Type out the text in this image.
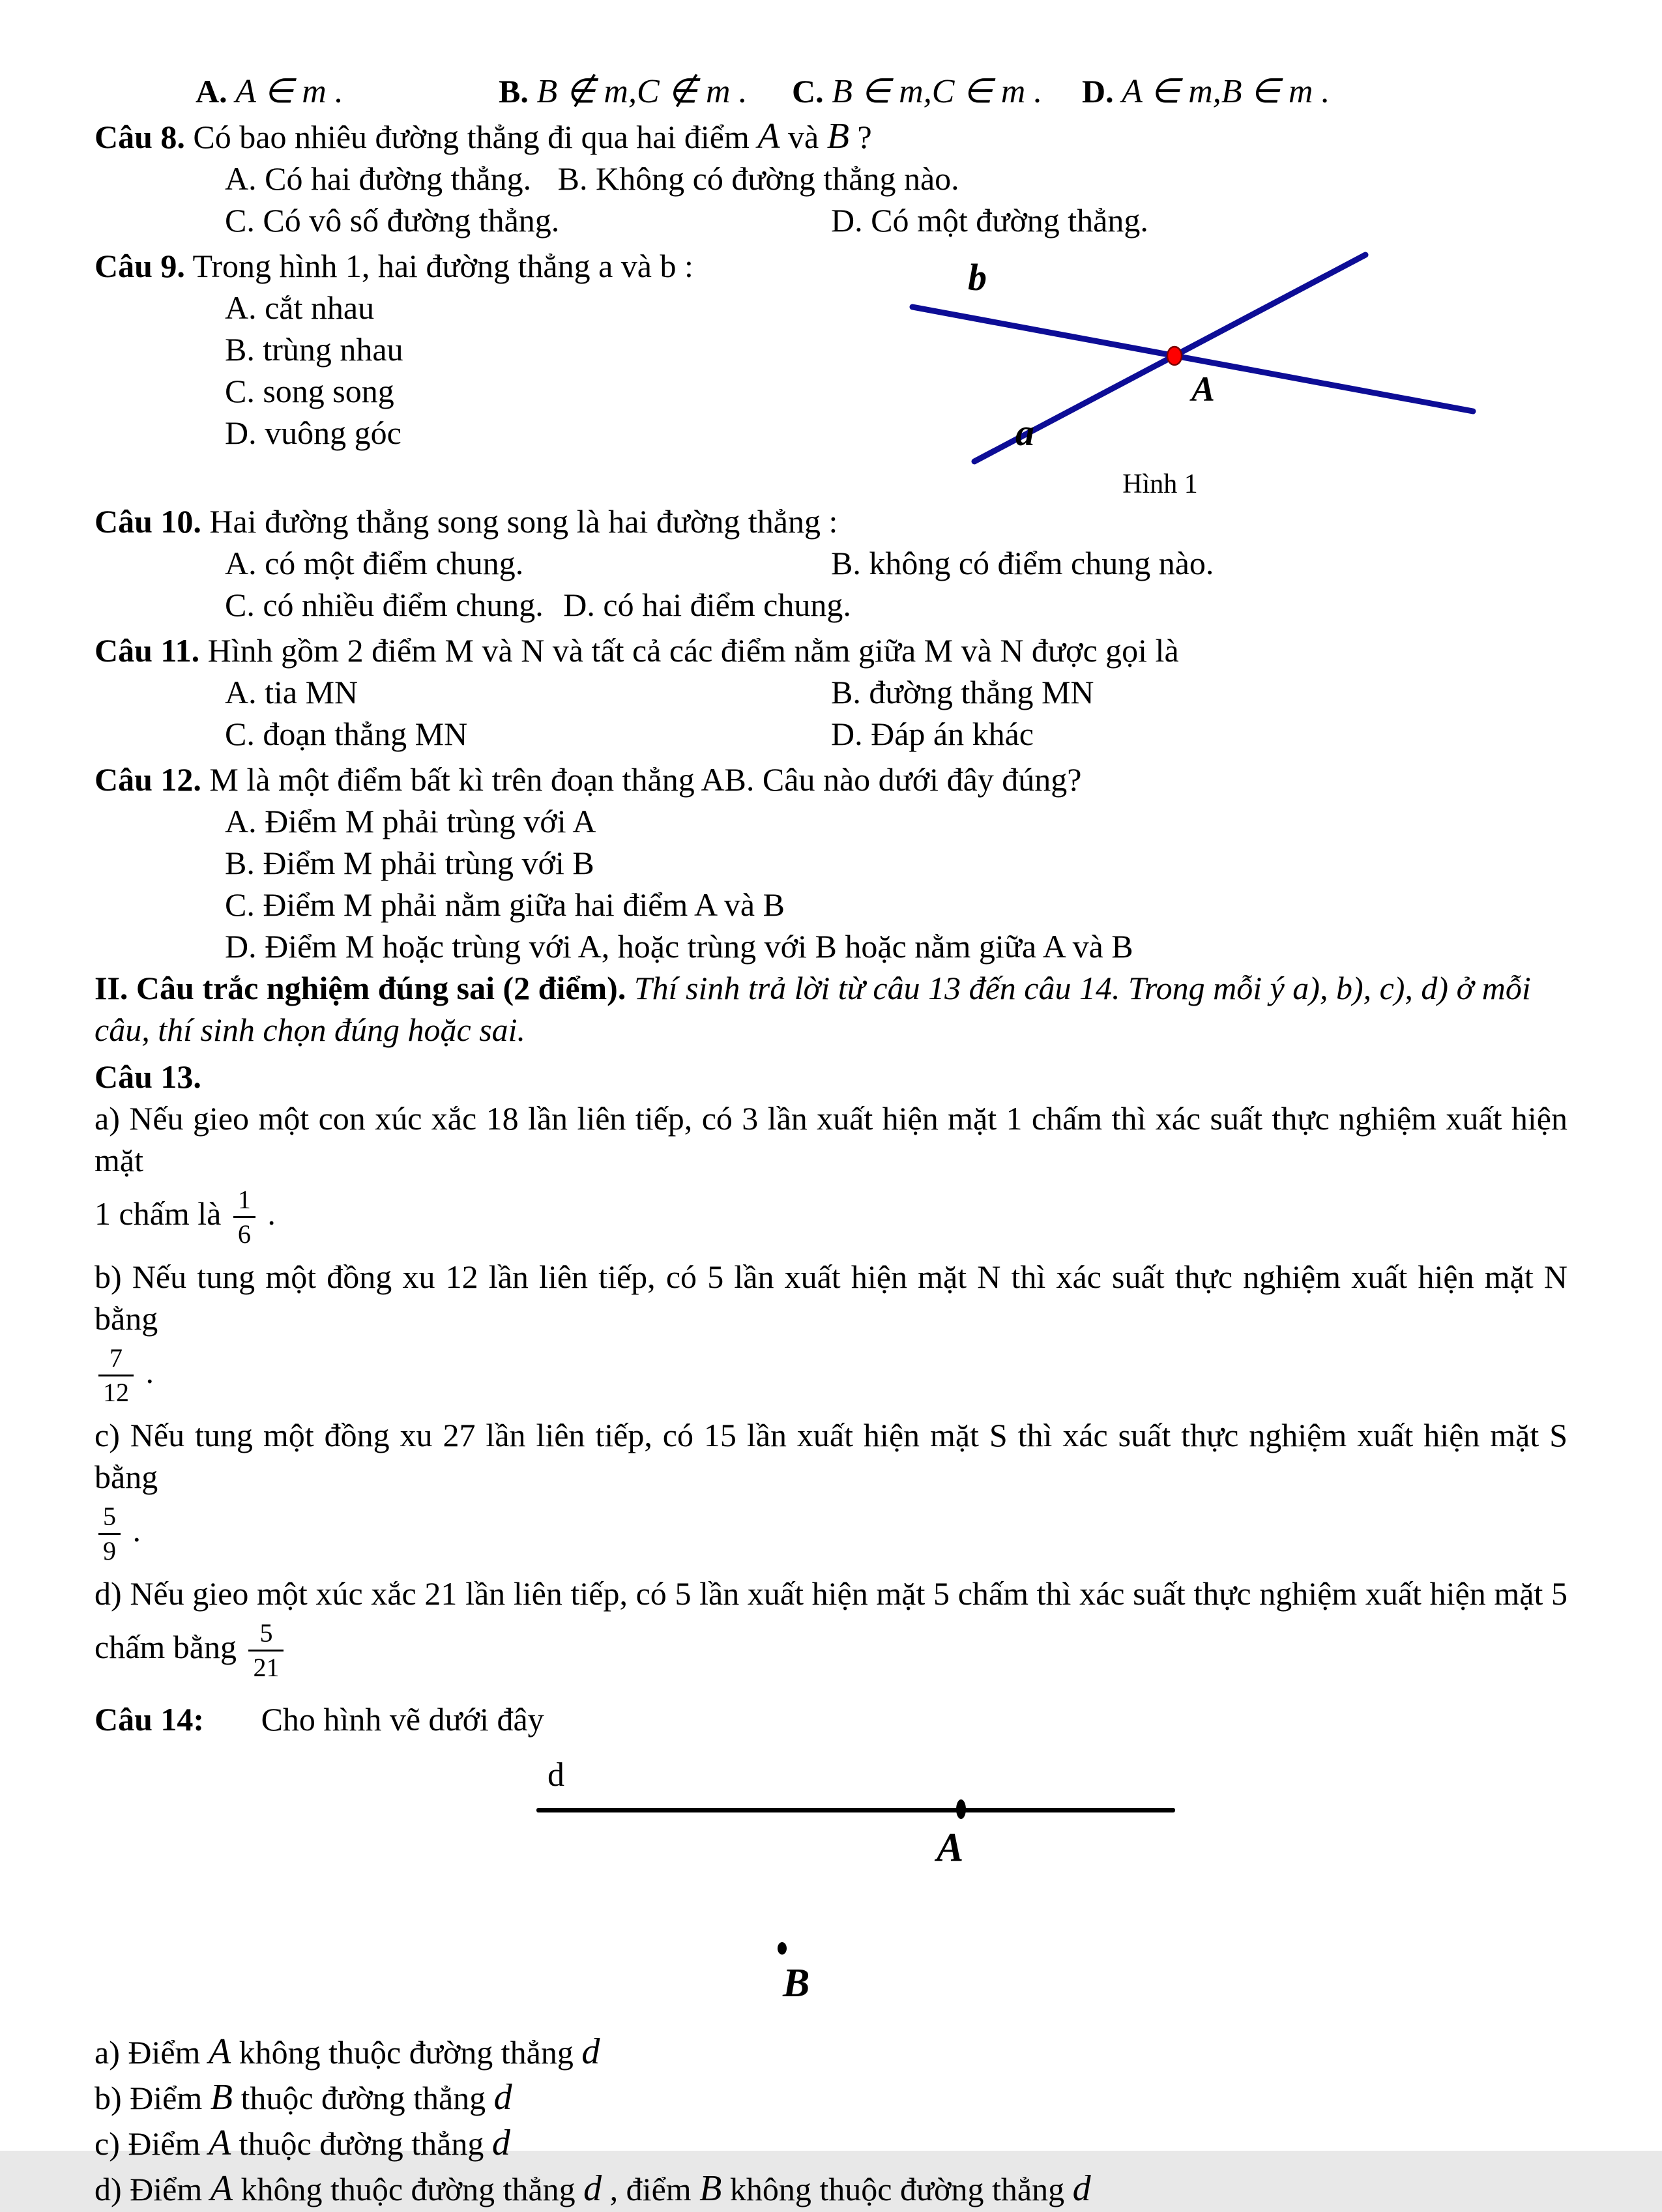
A. A ∈ m .	B. B ∉ m,C ∉ m . C. B ∈ m,C ∈ m . D. A ∈ m,B ∈ m .
Câu 8. Có bao nhiêu đường thẳng đi qua hai điểm A và B ?
A. Có hai đường thẳng. B. Không có đường thẳng nào.
C. Có vô số đường thẳng.	D. Có một đường thẳng.
Câu 9. Trong hình 1, hai đường thẳng a và b :
A. cắt nhau
B. trùng nhau
C. song song
D. vuông góc
b
a
A
Hình 1
Câu 10. Hai đường thẳng song song là hai đường thẳng :
A. có một điểm chung.	B. không có điểm chung nào.
C. có nhiều điểm chung. D. có hai điểm chung.
Câu 11. Hình gồm 2 điểm M và N và tất cả các điểm nằm giữa M và N được gọi là
A. tia MN	B. đường thẳng MN
C. đoạn thẳng MN	D. Đáp án khác
Câu 12. M là một điểm bất kì trên đoạn thẳng AB. Câu nào dưới đây đúng?
A. Điểm M phải trùng với A
B. Điểm M phải trùng với B
C. Điểm M phải nằm giữa hai điểm A và B
D. Điểm M hoặc trùng với A, hoặc trùng với B hoặc nằm giữa A và B
II. Câu trắc nghiệm đúng sai (2 điểm). Thí sinh trả lời từ câu 13 đến câu 14. Trong mỗi ý a), b), c), d) ở mỗi
câu, thí sinh chọn đúng hoặc sai.
Câu 13.
a) Nếu gieo một con xúc xắc 18 lần liên tiếp, có 3 lần xuất hiện mặt 1 chấm thì xác suất thực nghiệm xuất hiện mặt
1 chấm là $\frac{1}{6}$ .
b) Nếu tung một đồng xu 12 lần liên tiếp, có 5 lần xuất hiện mặt N thì xác suất thực nghiệm xuất hiện mặt N bằng
$\frac{7}{12}$ .
c) Nếu tung một đồng xu 27 lần liên tiếp, có 15 lần xuất hiện mặt S thì xác suất thực nghiệm xuất hiện mặt S bằng
$\frac{5}{9}$ .
d) Nếu gieo một xúc xắc 21 lần liên tiếp, có 5 lần xuất hiện mặt 5 chấm thì xác suất thực nghiệm xuất hiện mặt 5
chấm bằng $\frac{5}{21}$
Câu 14: Cho hình vẽ dưới đây
d
A
B
a) Điểm A không thuộc đường thẳng d
b) Điểm B thuộc đường thẳng d
c) Điểm A thuộc đường thẳng d
d) Điểm A không thuộc đường thẳng d , điểm B không thuộc đường thẳng d
